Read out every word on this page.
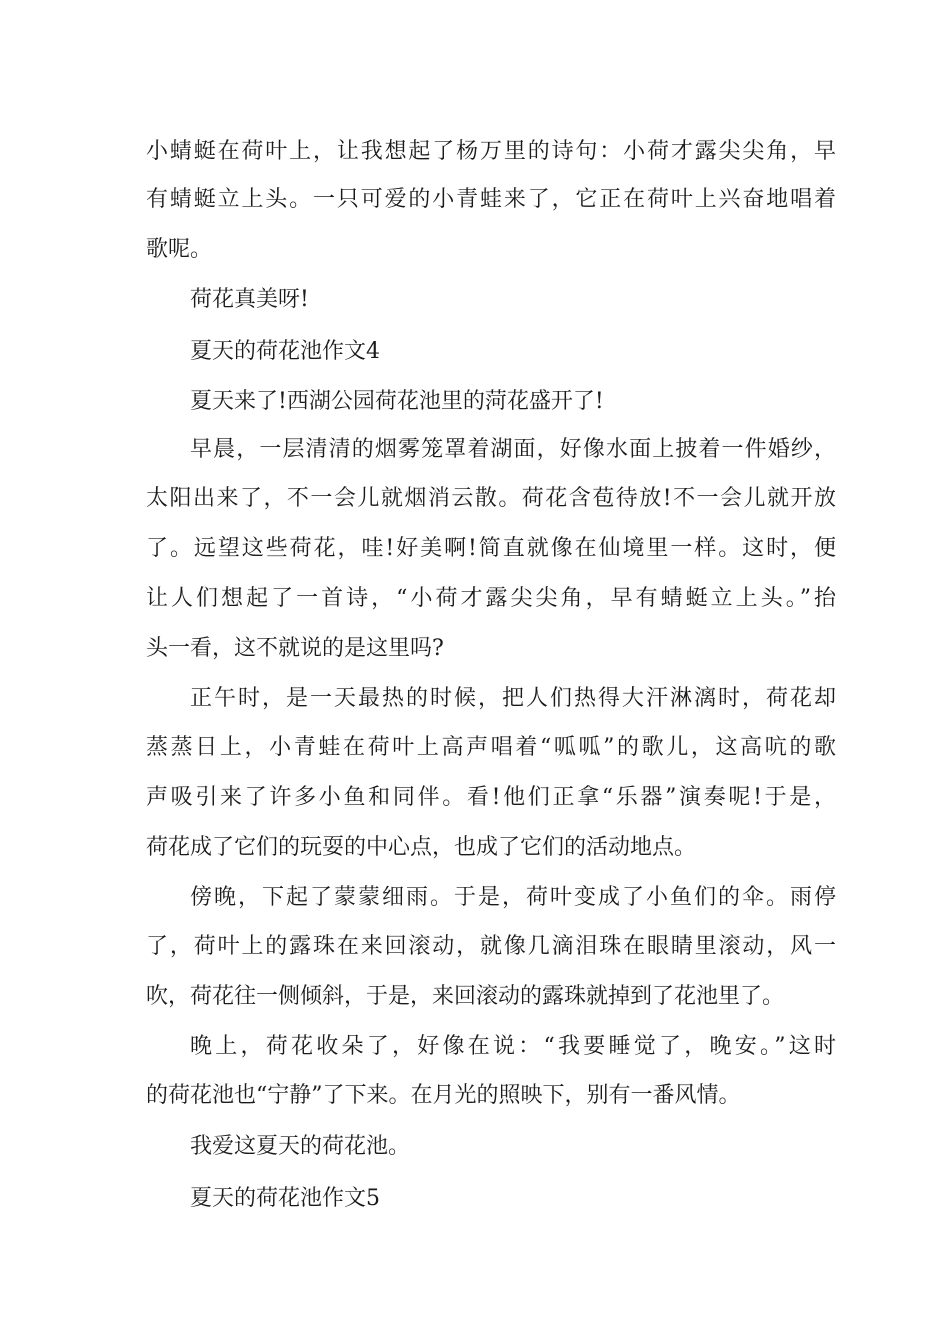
小蜻蜓在荷叶上，让我想起了杨万里的诗句：小荷才露尖尖角，早
有蜻蜓立上头。一只可爱的小青蛙来了，它正在荷叶上兴奋地唱着
歌呢。
荷花真美呀!
夏天的荷花池作文4
夏天来了!西湖公园荷花池里的菏花盛开了!
早晨，一层清清的烟雾笼罩着湖面，好像水面上披着一件婚纱，
太阳出来了，不一会儿就烟消云散。荷花含苞待放!不一会儿就开放
了。远望这些荷花，哇!好美啊!简直就像在仙境里一样。这时，便
让人们想起了一首诗，“小荷才露尖尖角，早有蜻蜓立上头。”抬
头一看，这不就说的是这里吗?
正午时，是一天最热的时候，把人们热得大汗淋漓时，荷花却
蒸蒸日上，小青蛙在荷叶上高声唱着“呱呱”的歌儿，这高吭的歌
声吸引来了许多小鱼和同伴。看!他们正拿“乐器”演奏呢!于是，
荷花成了它们的玩耍的中心点，也成了它们的活动地点。
傍晚，下起了蒙蒙细雨。于是，荷叶变成了小鱼们的伞。雨停
了，荷叶上的露珠在来回滚动，就像几滴泪珠在眼睛里滚动，风一
吹，荷花往一侧倾斜，于是，来回滚动的露珠就掉到了花池里了。
晚上，荷花收朵了，好像在说：“我要睡觉了，晚安。”这时
的荷花池也“宁静”了下来。在月光的照映下，别有一番风情。
我爱这夏天的荷花池。
夏天的荷花池作文5
